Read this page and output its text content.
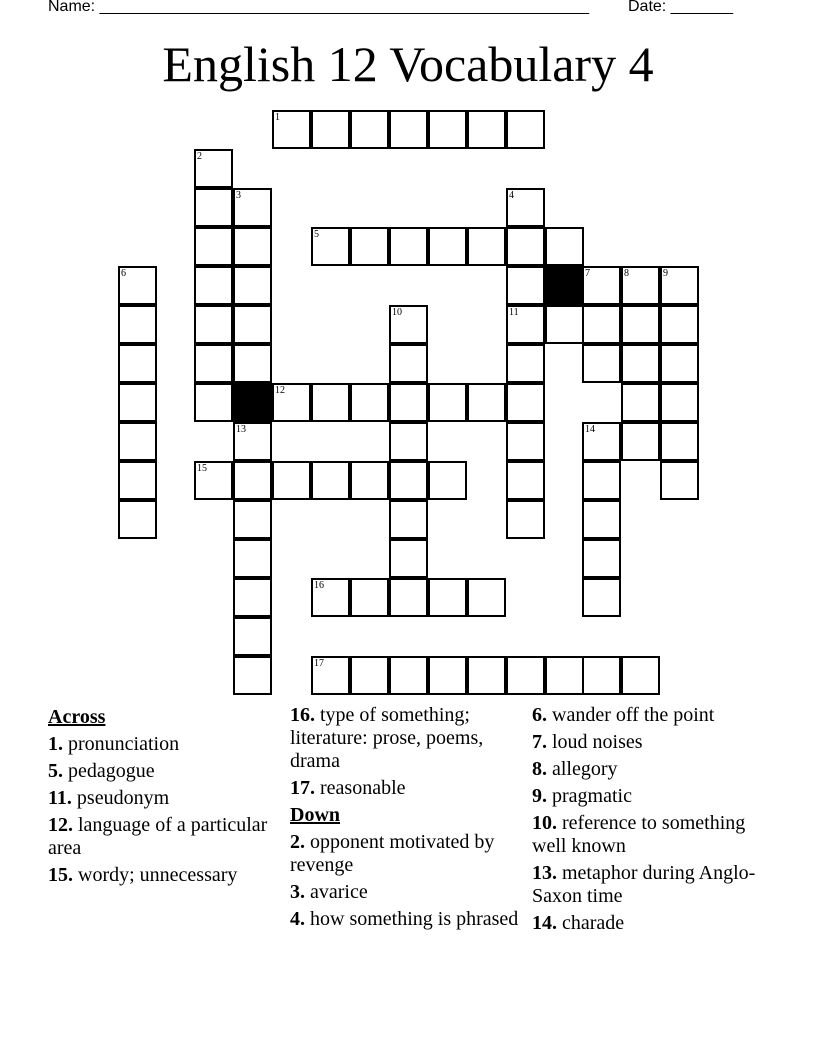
Name: _______________________________________________________ Date: _______
English 12 Vocabulary 4
1
2
3	4
5
6	7	8	9
10	11
12
13	14
15
16
17
Across
1. pronunciation
5. pedagogue
11. pseudonym
12. language of a particular area
15. wordy; unnecessary
16. type of something; literature: prose, poems, drama
17. reasonable
Down
2. opponent motivated by revenge
3. avarice
4. how something is phrased
6. wander off the point
7. loud noises
8. allegory
9. pragmatic
10. reference to something well known
13. metaphor during Anglo-Saxon time
14. charade
